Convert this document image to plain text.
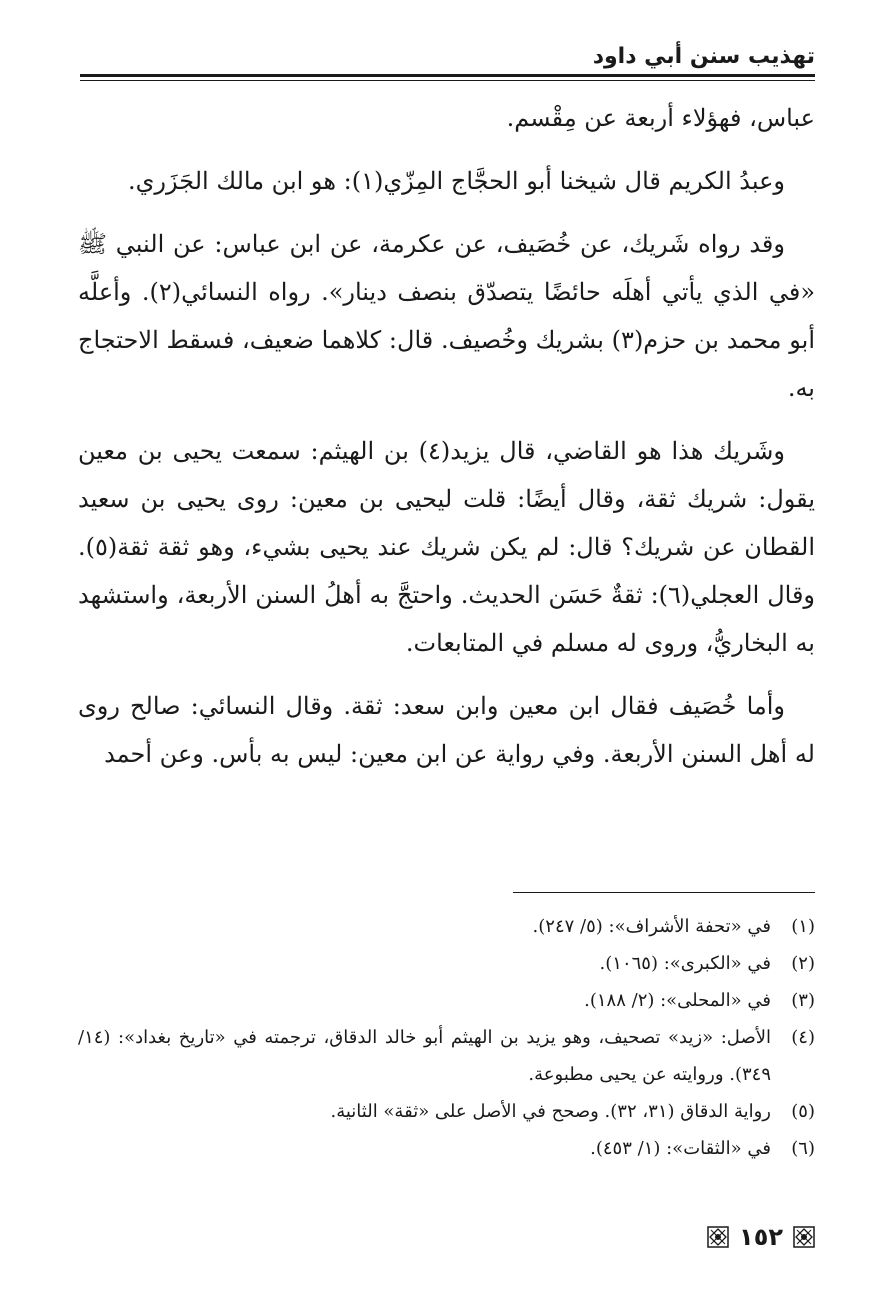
تهذيب سنن أبي داود

عباس، فهؤلاء أربعة عن مِقْسم.

وعبدُ الكريم قال شيخنا أبو الحجَّاج المِزّي(١): هو ابن مالك الجَزَري.

وقد رواه شَريك، عن خُصَيف، عن عكرمة، عن ابن عباس: عن النبي ﷺ «في الذي يأتي أهلَه حائضًا يتصدّق بنصف دينار». رواه النسائي(٢). وأعلَّه أبو محمد بن حزم(٣) بشريك وخُصيف. قال: كلاهما ضعيف، فسقط الاحتجاج به.

وشَريك هذا هو القاضي، قال يزيد(٤) بن الهيثم: سمعت يحيى بن معين يقول: شريك ثقة، وقال أيضًا: قلت ليحيى بن معين: روى يحيى بن سعيد القطان عن شريك؟ قال: لم يكن شريك عند يحيى بشيء، وهو ثقة ثقة(٥). وقال العجلي(٦): ثقةٌ حَسَن الحديث. واحتجَّ به أهلُ السنن الأربعة، واستشهد به البخاريُّ، وروى له مسلم في المتابعات.

وأما خُصَيف فقال ابن معين وابن سعد: ثقة. وقال النسائي: صالح روى له أهل السنن الأربعة. وفي رواية عن ابن معين: ليس به بأس. وعن أحمد

(١)
في «تحفة الأشراف»: (٥/ ٢٤٧).
(٢)
في «الكبرى»: (١٠٦٥).
(٣)
في «المحلى»: (٢/ ١٨٨).
(٤)
الأصل: «زيد» تصحيف، وهو يزيد بن الهيثم أبو خالد الدقاق، ترجمته في «تاريخ بغداد»: (١٤/ ٣٤٩). وروايته عن يحيى مطبوعة.
(٥)
رواية الدقاق (٣١، ٣٢). وصحح في الأصل على «ثقة» الثانية.
(٦)
في «الثقات»: (١/ ٤٥٣).
١٥٢
